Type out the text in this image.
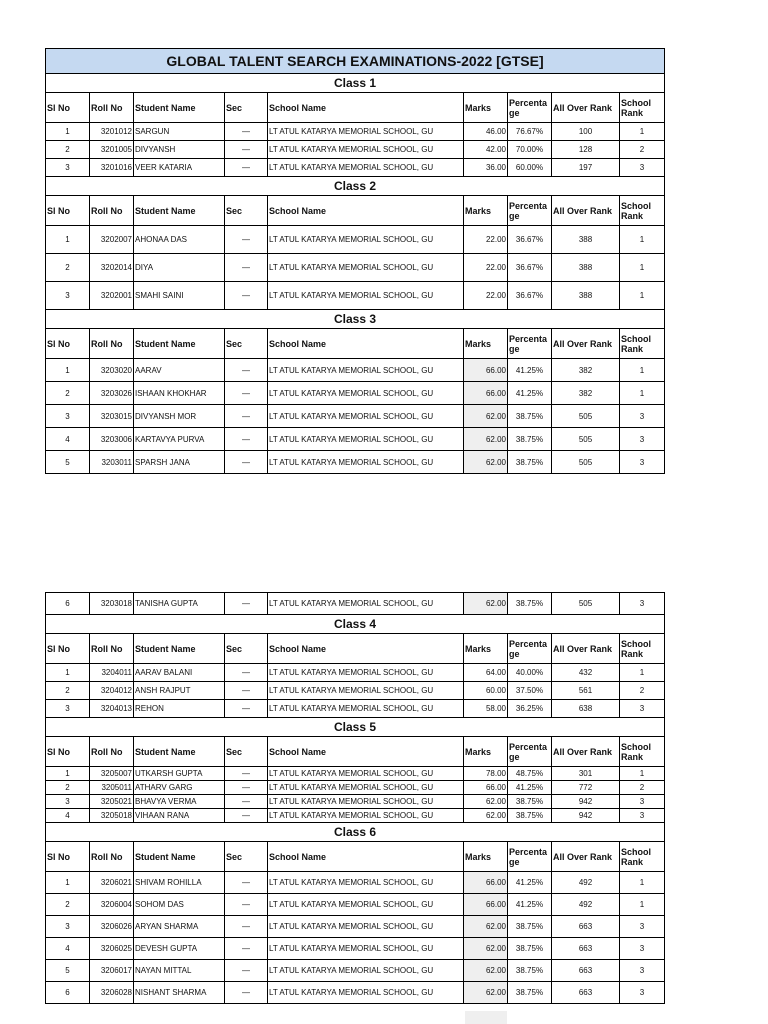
GLOBAL TALENT SEARCH EXAMINATIONS-2022 [GTSE]								
Class 1								
Sl No	Roll No	Student Name	Sec	School Name	Marks	Percenta ge	All Over Rank	School Rank
1	3201012	SARGUN	—	LT ATUL KATARYA MEMORIAL SCHOOL, GU	46.00	76.67%	100	1
2	3201005	DIVYANSH	—	LT ATUL KATARYA MEMORIAL SCHOOL, GU	42.00	70.00%	128	2
3	3201016	VEER KATARIA	—	LT ATUL KATARYA MEMORIAL SCHOOL, GU	36.00	60.00%	197	3
Class 2								
Sl No	Roll No	Student Name	Sec	School Name	Marks	Percenta ge	All Over Rank	School Rank
1	3202007	AHONAA DAS	—	LT ATUL KATARYA MEMORIAL SCHOOL, GU	22.00	36.67%	388	1
2	3202014	DIYA	—	LT ATUL KATARYA MEMORIAL SCHOOL, GU	22.00	36.67%	388	1
3	3202001	SMAHI SAINI	—	LT ATUL KATARYA MEMORIAL SCHOOL, GU	22.00	36.67%	388	1
Class 3								
Sl No	Roll No	Student Name	Sec	School Name	Marks	Percenta ge	All Over Rank	School Rank
1	3203020	AARAV	—	LT ATUL KATARYA MEMORIAL SCHOOL, GU	66.00	41.25%	382	1
2	3203026	ISHAAN KHOKHAR	—	LT ATUL KATARYA MEMORIAL SCHOOL, GU	66.00	41.25%	382	1
3	3203015	DIVYANSH MOR	—	LT ATUL KATARYA MEMORIAL SCHOOL, GU	62.00	38.75%	505	3
4	3203006	KARTAVYA PURVA	—	LT ATUL KATARYA MEMORIAL SCHOOL, GU	62.00	38.75%	505	3
5	3203011	SPARSH JANA	—	LT ATUL KATARYA MEMORIAL SCHOOL, GU	62.00	38.75%	505	3
6	3203018	TANISHA GUPTA	—	LT ATUL KATARYA MEMORIAL SCHOOL, GU	62.00	38.75%	505	3
Class 4								
Sl No	Roll No	Student Name	Sec	School Name	Marks	Percenta ge	All Over Rank	School Rank
1	3204011	AARAV BALANI	—	LT ATUL KATARYA MEMORIAL SCHOOL, GU	64.00	40.00%	432	1
2	3204012	ANSH RAJPUT	—	LT ATUL KATARYA MEMORIAL SCHOOL, GU	60.00	37.50%	561	2
3	3204013	REHON	—	LT ATUL KATARYA MEMORIAL SCHOOL, GU	58.00	36.25%	638	3
Class 5								
Sl No	Roll No	Student Name	Sec	School Name	Marks	Percenta ge	All Over Rank	School Rank
1	3205007	UTKARSH GUPTA	—	LT ATUL KATARYA MEMORIAL SCHOOL, GU	78.00	48.75%	301	1
2	3205011	ATHARV GARG	—	LT ATUL KATARYA MEMORIAL SCHOOL, GU	66.00	41.25%	772	2
3	3205021	BHAVYA VERMA	—	LT ATUL KATARYA MEMORIAL SCHOOL, GU	62.00	38.75%	942	3
4	3205018	VIHAAN RANA	—	LT ATUL KATARYA MEMORIAL SCHOOL, GU	62.00	38.75%	942	3
Class 6								
Sl No	Roll No	Student Name	Sec	School Name	Marks	Percenta ge	All Over Rank	School Rank
1	3206021	SHIVAM ROHILLA	—	LT ATUL KATARYA MEMORIAL SCHOOL, GU	66.00	41.25%	492	1
2	3206004	SOHOM DAS	—	LT ATUL KATARYA MEMORIAL SCHOOL, GU	66.00	41.25%	492	1
3	3206026	ARYAN SHARMA	—	LT ATUL KATARYA MEMORIAL SCHOOL, GU	62.00	38.75%	663	3
4	3206025	DEVESH GUPTA	—	LT ATUL KATARYA MEMORIAL SCHOOL, GU	62.00	38.75%	663	3
5	3206017	NAYAN MITTAL	—	LT ATUL KATARYA MEMORIAL SCHOOL, GU	62.00	38.75%	663	3
6	3206028	NISHANT SHARMA	—	LT ATUL KATARYA MEMORIAL SCHOOL, GU	62.00	38.75%	663	3
